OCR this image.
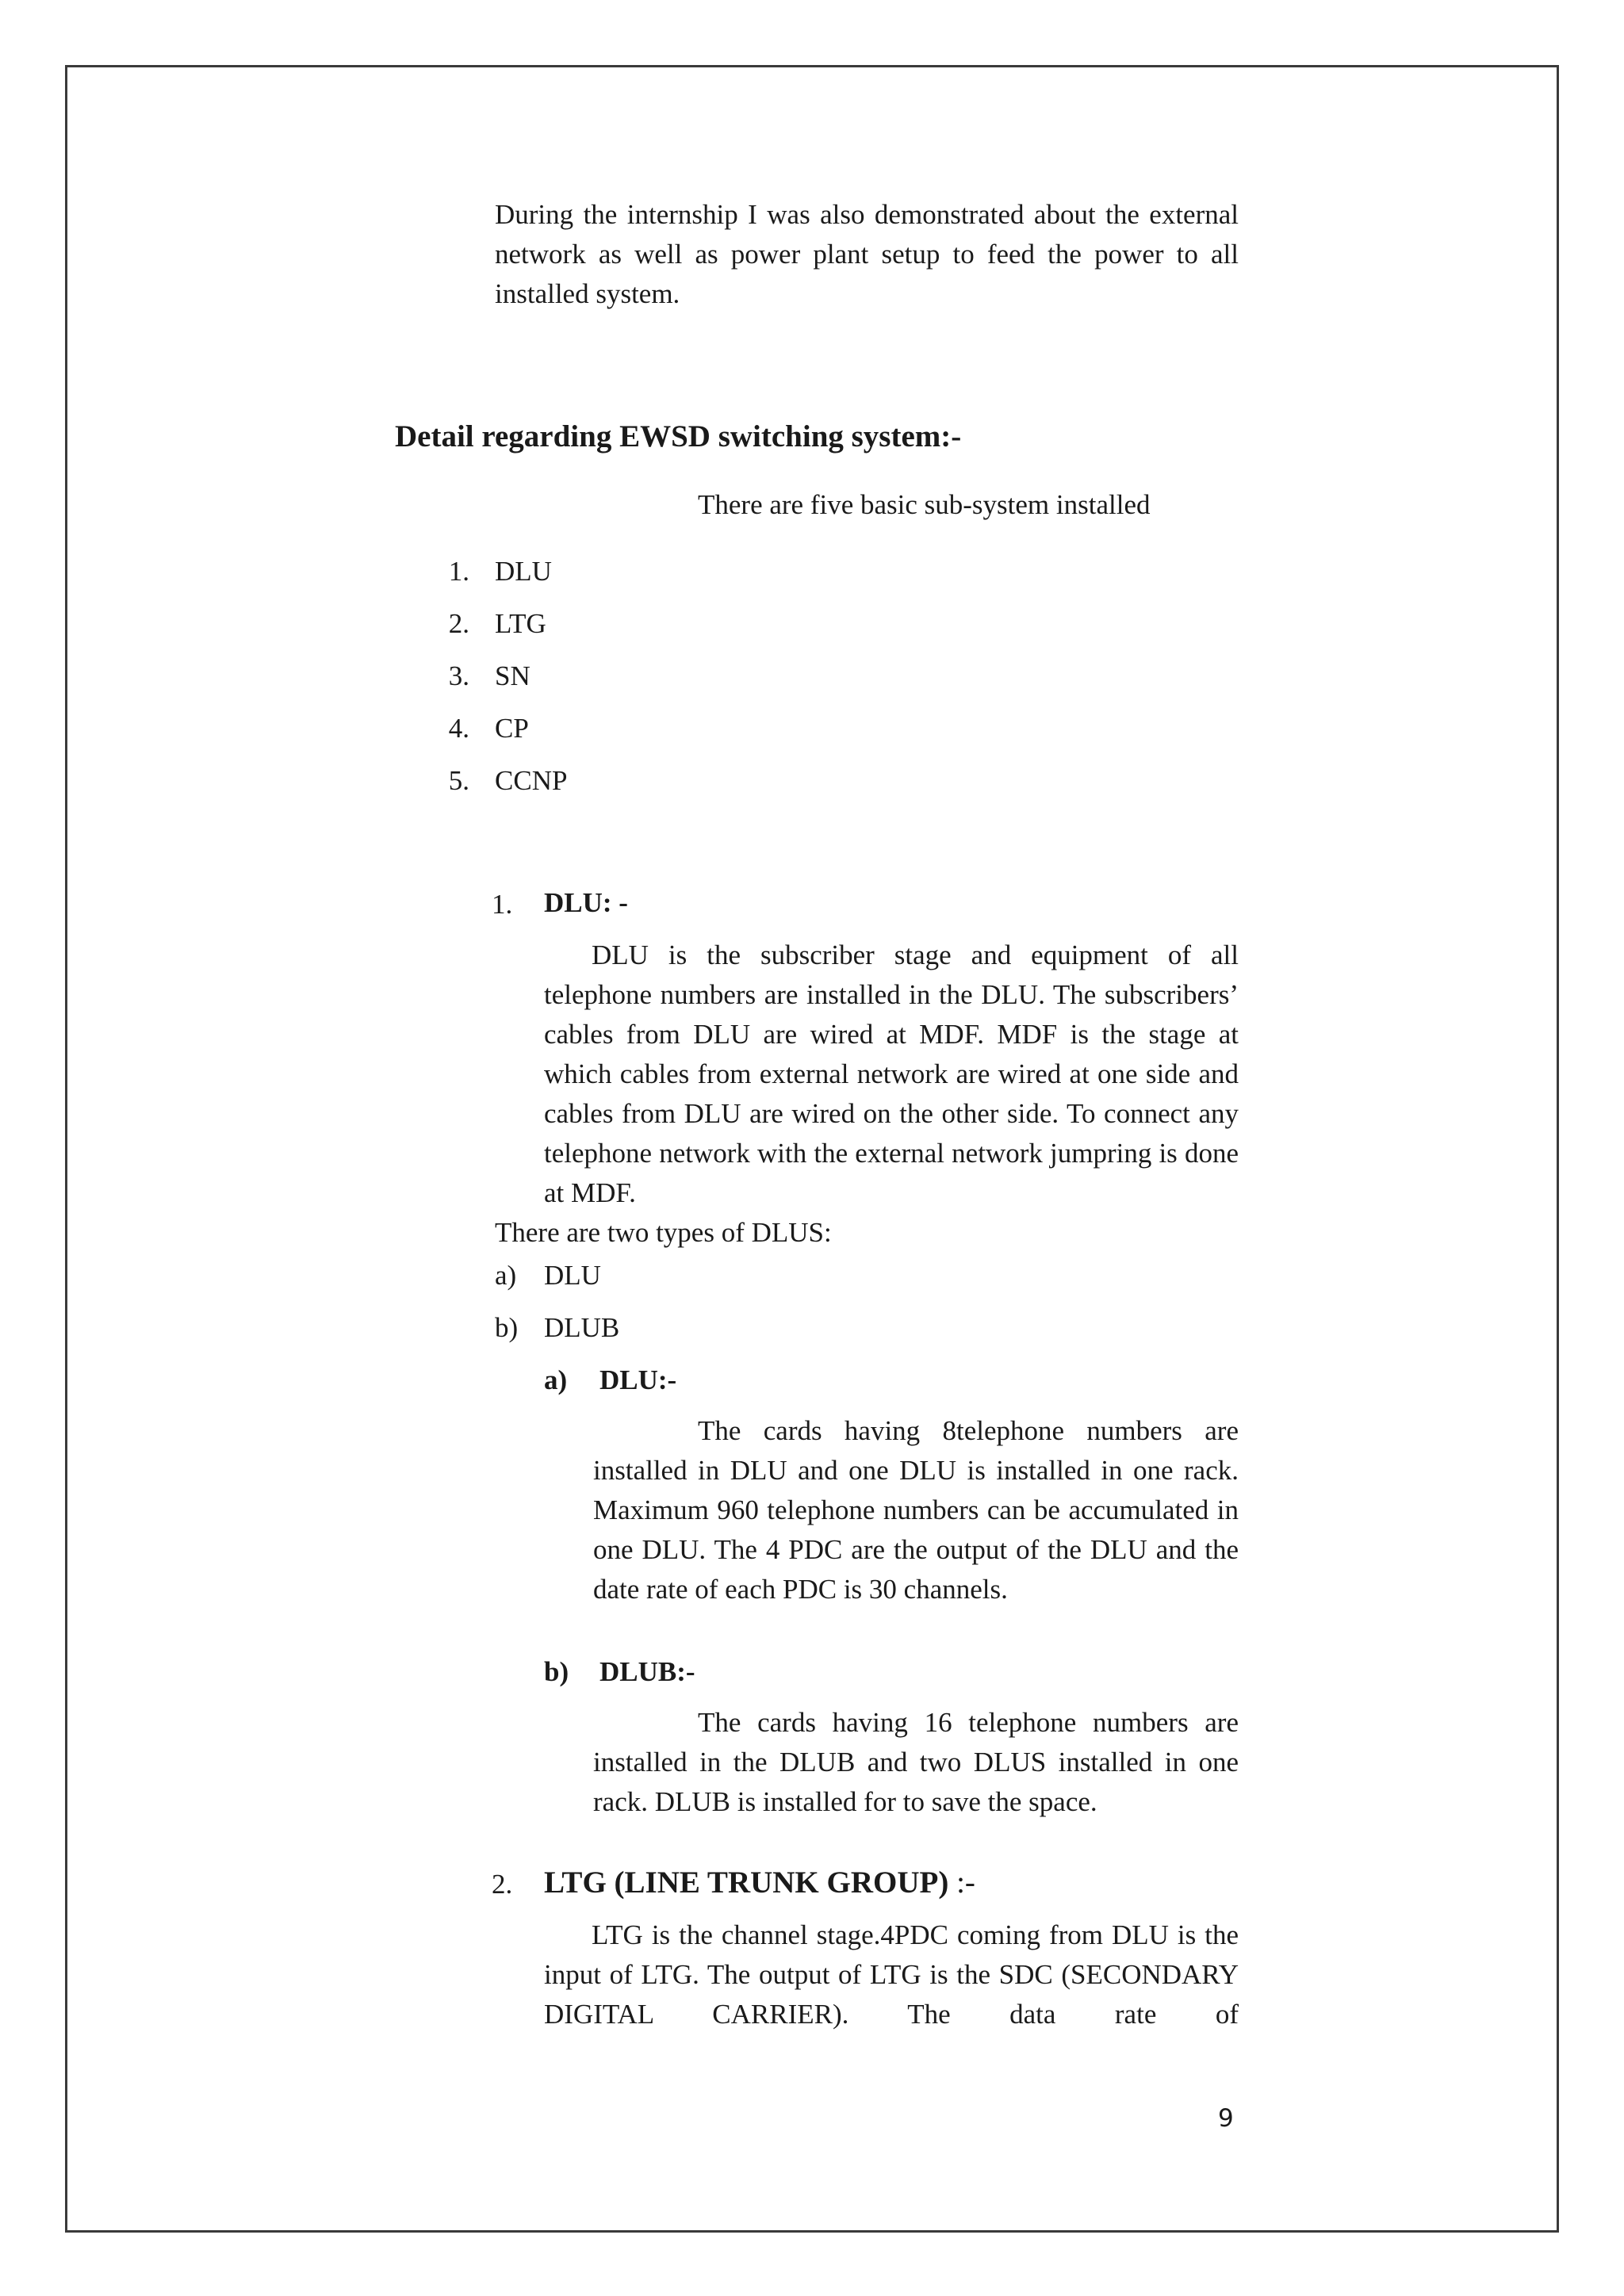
During the internship I was also demonstrated about the external network as well as power plant setup to feed the power to all installed system.

Detail regarding EWSD switching system:-
There are five basic sub-system installed
1. DLU
2. LTG
3. SN
4. CP
5. CCNP
1. DLU: -

DLU is the subscriber stage and equipment of all telephone numbers are installed in the DLU. The subscribers’ cables from DLU are wired at MDF. MDF is the stage at which cables from external network are wired at one side and cables from DLU are wired on the other side. To connect any telephone network with the external network jumpring is done at MDF.

There are two types of DLUS:
a) DLU
b) DLUB
a) DLU:-

The cards having 8telephone numbers are installed in DLU and one DLU is installed in one rack. Maximum 960 telephone numbers can be accumulated in one DLU. The 4 PDC are the output of the DLU and the date rate of each PDC is 30 channels.

b) DLUB:-

The cards having 16 telephone numbers are installed in the DLUB and two DLUS installed in one rack. DLUB is installed for to save the space.

2.	LTG (LINE TRUNK GROUP) :-

LTG is the channel stage.4PDC coming from DLU is the input of LTG. The output of LTG is the SDC (SECONDARY DIGITAL CARRIER). The data rate of

9
